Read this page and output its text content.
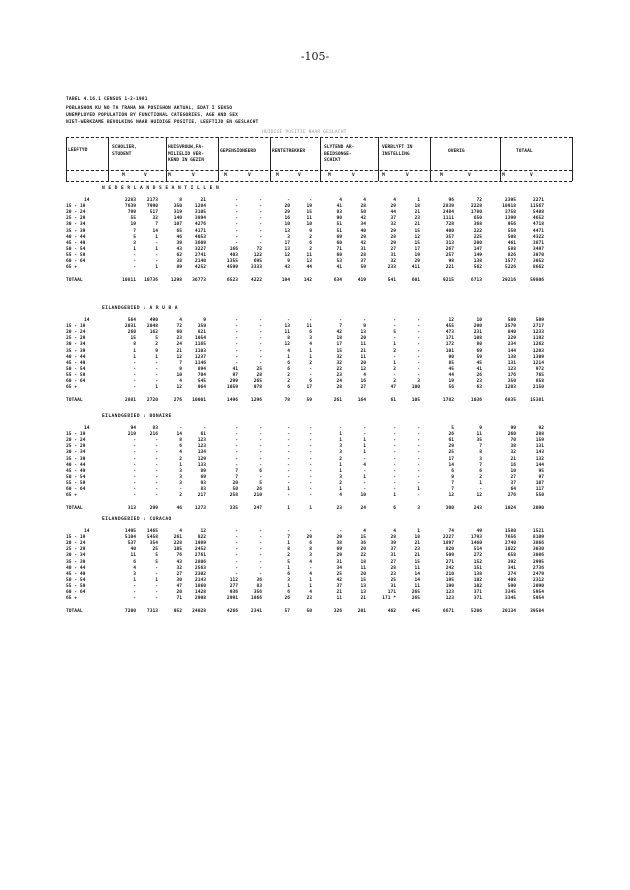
-105-
TABEL 4.16.1 CENSUS 1-2-1981
POBLASHON KU NO TA TRAHA NA POSISHON AKTUAL, EDAT I SEKSO
UNEMPLOYED POPULATION BY FUNCTIONAL CATEGORIES, AGE AND SEX
NIET-WERKZAME BEVOLKING NAAR HUIDIGE POSITIE, LEEFTIJD EN GESLACHT
HUIDIGE POSITIE NAAR GESLACHT
LEEFTYD
SCHOLIER,
STUDENT
HUISVROUW,FA-
MILIELID VER-
KEND IN GEZIN
GEPENSIONEERD	RENTETREKKER
SLYTEND AR-
BEIDSONGE-
SCHIKT
VERBLYFT IN
INSTELLING	OVERIG	TOTAAL
M	V	M	V	M	V	M	V	M	V	M	V	M	V	M	V
N E D E R L A N D S E A N T I L L E N
14	2283	2173	8	21	-	-	-	-	4	4	4	1	96	72	2395	2271
15 - 19	7639	7990	350	1284	-	-	20	19	41	28	29	18	2839	2228	10918	11567
20 - 24	799	517	319	3105	-	-	29	15	83	50	44	21	2484	1780	3758	5488
25 - 29	55	32	140	3894	-	-	16	11	90	42	37	23	1111	650	1399	4652
30 - 34	19	7	107	4276	-	-	10	10	51	34	32	21	728	368	956	4718
35 - 39	7	14	65	4171	-	-	13	9	51	40	29	15	400	222	559	4471
40 - 44	5	1	46	4053	-	-	3	2	69	29	28	12	357	225	508	4322
45 - 49	3	-	39	3609	-	-	17	6	60	42	29	15	313	200	461	3871
50 - 54	1	1	43	3227	166	72	13	2	71	31	27	17	267	147	588	3497
55 - 59	-	-	62	2741	403	122	12	11	60	28	31	19	257	149	826	3070
60 - 64	-	-	38	2140	1355	695	9	13	53	37	32	29	98	138	1577	3052
65 +	-	1	89	4252	4599	3333	43	44	41	59	233	411	221	562	5226	8662
TOTAAL	10811	10736	1298	36773	6523	4222	194	142	634	419	541	601	9215	6713	29216	59806
EILANDGEBIED : A R U B A
14	564	490	4	9	-	-	-	-	-	-	-	-	12	10	580	509
15 - 19	2031	2048	72	359	-	-	13	11	7	9	-	-	455	290	2579	2717
20 - 24	260	162	60	821	-	-	11	6	42	13	5	-	473	231	840	1233
25 - 29	15	5	23	1054	-	-	8	3	18	20	-	-	171	108	229	1192
30 - 34	8	2	24	1165	-	-	12	4	17	11	1	-	172	80	234	1262
35 - 39	1	9	21	1103	-	-	4	1	15	21	2	-	101	69	144	1203
40 - 44	1	1	12	1237	-	-	1	1	32	11	-	-	90	59	138	1309
45 - 49	-	-	7	1146	-	-	6	2	32	20	1	-	85	45	131	1214
50 - 54	-	-	9	894	41	25	6	-	22	12	2	-	45	41	123	972
55 - 59	-	-	10	704	97	28	2	-	23	4	-	-	44	26	176	765
60 - 64	-	-	4	545	299	265	2	6	24	16	2	3	19	23	350	858
65 +	-	1	12	964	1059	978	6	17	28	27	47	100	56	63	1203	2150
TOTAAL	2881	2720	276	10001	1496	1296	78	59	261	164	61	105	1782	1036	6835	15381
EILANDGEBIED : BONAIRE
14	94	83	-	-	-	-	-	-	-	-	-	-	5	9	99	92
15 - 19	219	216	14	61	-	-	-	-	1	-	-	-	26	11	260	288
20 - 24	-	-	8	123	-	-	-	-	1	1	-	-	61	35	70	159
25 - 29	-	-	6	123	-	-	-	-	3	1	-	-	29	7	38	131
30 - 34	-	-	4	134	-	-	-	-	3	1	-	-	25	8	32	143
35 - 39	-	-	2	129	-	-	-	-	2	-	-	-	17	3	21	132
40 - 44	-	-	1	133	-	-	-	-	1	4	-	-	14	7	16	144
45 - 49	-	-	3	89	7	6	-	-	1	-	-	-	6	6	10	95
50 - 54	-	-	3	69	7	-	-	-	3	1	-	-	9	2	27	97
55 - 59	-	-	3	93	20	5	-	-	2	-	-	-	7	1	37	107
60 - 64	-	-	-	83	50	26	1	-	1	-	-	1	7	-	64	117
65 +	-	-	2	217	258	210	-	-	4	10	1	-	12	12	276	550
TOTAAL	313	299	46	1273	335	247	1	1	23	24	6	3	300	243	1024	2090
EILANDGEBIED : CURACAO
14	1495	1465	4	12	-	-	-	-	-	4	4	1	74	49	1580	1521
15 - 19	5104	5458	261	822	-	-	7	29	29	15	28	18	2227	1793	7656	8109
20 - 24	537	354	228	1989	-	-	1	6	38	36	39	21	1897	1460	2740	3866
25 - 29	40	25	105	2452	-	-	8	8	69	20	37	23	820	514	1022	3030
30 - 34	11	5	76	2761	-	-	2	3	29	22	31	21	509	272	658	3086
35 - 39	6	5	43	2806	-	-	5	4	31	18	27	15	271	152	392	2995
40 - 44	4	-	32	2563	-	-	1	-	34	11	28	11	242	151	341	2736
45 - 49	3	-	27	2302	-	-	6	4	25	20	23	14	210	138	274	2479
50 - 54	1	1	30	2143	112	36	3	1	42	15	25	14	195	102	408	2312
55 - 59	-	-	47	1860	277	83	1	1	37	13	31	11	190	102	590	2090
60 - 64	-	-	20	1428	936	356	6	4	21	13	171	265	123	371	3345	5954
65 +	-	-	71	2908	2991	1866	26	23	11	21	171 *	265	123	371	3345	5954
TOTAAL	7200	7313	952	24028	4266	2341	57	50	326	201	462	445	6671	5206	20134	39584
